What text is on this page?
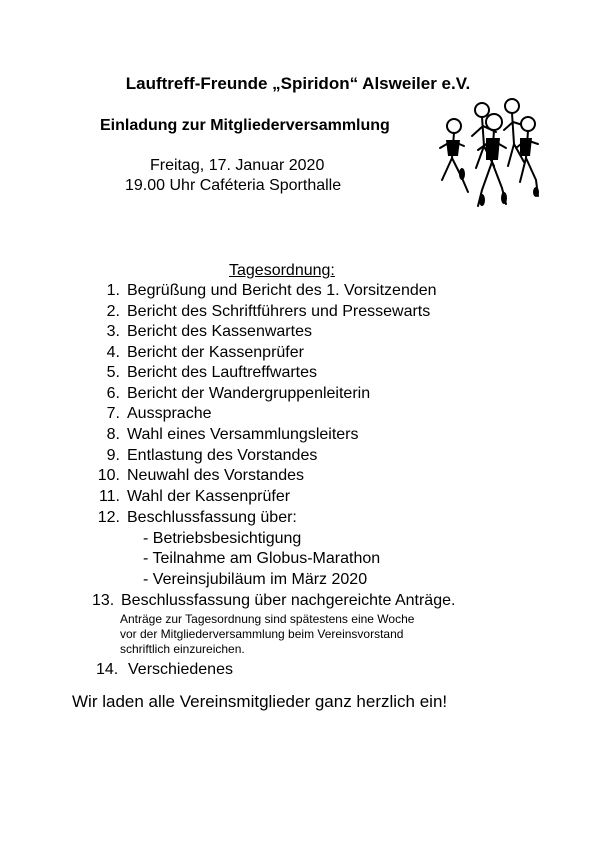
Lauftreff-Freunde „Spiridon“ Alsweiler e.V.
Einladung zur Mitgliederversammlung
Freitag, 17. Januar 2020
19.00 Uhr Caféteria Sporthalle
Tagesordnung:
1. Begrüßung und Bericht des 1. Vorsitzenden
2. Bericht des Schriftführers und Pressewarts
3. Bericht des Kassenwartes
4. Bericht der Kassenprüfer
5. Bericht des Lauftreffwartes
6. Bericht der Wandergruppenleiterin
7. Aussprache
8. Wahl eines Versammlungsleiters
9. Entlastung des Vorstandes
10. Neuwahl des Vorstandes
11. Wahl der Kassenprüfer
12. Beschlussfassung über:
- Betriebsbesichtigung
- Teilnahme am Globus-Marathon
- Vereinsjubiläum im März 2020
13. Beschlussfassung über nachgereichte Anträge.
Anträge zur Tagesordnung sind spätestens eine Woche
vor der Mitgliederversammlung beim Vereinsvorstand
schriftlich einzureichen.
14. Verschiedenes
Wir laden alle Vereinsmitglieder ganz herzlich ein!
